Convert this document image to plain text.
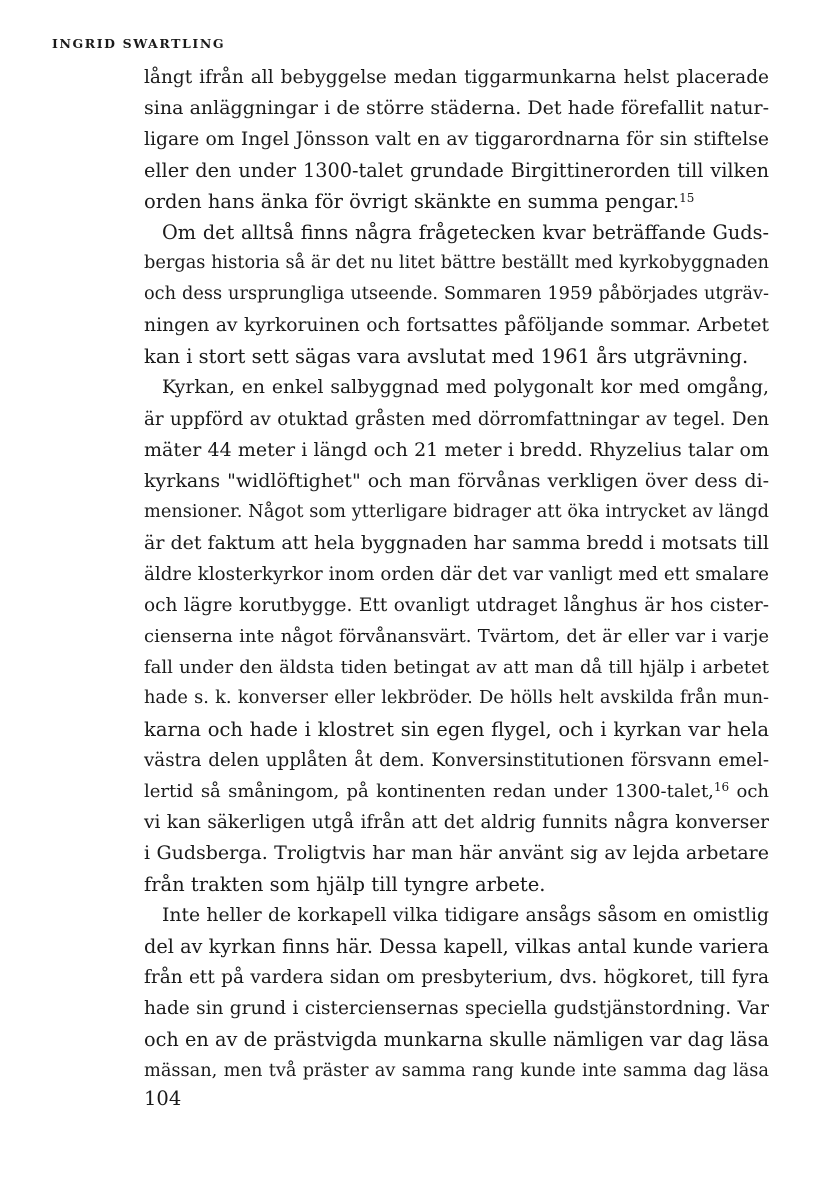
INGRID SWARTLING
långt ifrån all bebyggelse medan tiggarmunkarna helst placerade
sina anläggningar i de större städerna. Det hade förefallit natur-
ligare om Ingel Jönsson valt en av tiggarordnarna för sin stiftelse
eller den under 1300-talet grundade Birgittinerorden till vilken
orden hans änka för övrigt skänkte en summa pengar.$^{15}$
Om det alltså finns några frågetecken kvar beträffande Guds-
bergas historia så är det nu litet bättre beställt med kyrkobyggnaden
och dess ursprungliga utseende. Sommaren 1959 påbörjades utgräv-
ningen av kyrkoruinen och fortsattes påföljande sommar. Arbetet
kan i stort sett sägas vara avslutat med 1961 års utgrävning.
Kyrkan, en enkel salbyggnad med polygonalt kor med omgång,
är uppförd av otuktad gråsten med dörromfattningar av tegel. Den
mäter 44 meter i längd och 21 meter i bredd. Rhyzelius talar om
kyrkans "widlöftighet" och man förvånas verkligen över dess di-
mensioner. Något som ytterligare bidrager att öka intrycket av längd
är det faktum att hela byggnaden har samma bredd i motsats till
äldre klosterkyrkor inom orden där det var vanligt med ett smalare
och lägre korutbygge. Ett ovanligt utdraget långhus är hos cister-
cienserna inte något förvånansvärt. Tvärtom, det är eller var i varje
fall under den äldsta tiden betingat av att man då till hjälp i arbetet
hade s. k. konverser eller lekbröder. De hölls helt avskilda från mun-
karna och hade i klostret sin egen flygel, och i kyrkan var hela
västra delen upplåten åt dem. Konversinstitutionen försvann emel-
lertid så småningom, på kontinenten redan under 1300-talet,$^{16}$ och
vi kan säkerligen utgå ifrån att det aldrig funnits några konverser
i Gudsberga. Troligtvis har man här använt sig av lejda arbetare
från trakten som hjälp till tyngre arbete.
Inte heller de korkapell vilka tidigare ansågs såsom en omistlig
del av kyrkan finns här. Dessa kapell, vilkas antal kunde variera
från ett på vardera sidan om presbyterium, dvs. högkoret, till fyra
hade sin grund i cisterciensernas speciella gudstjänstordning. Var
och en av de prästvigda munkarna skulle nämligen var dag läsa
mässan, men två präster av samma rang kunde inte samma dag läsa
104
